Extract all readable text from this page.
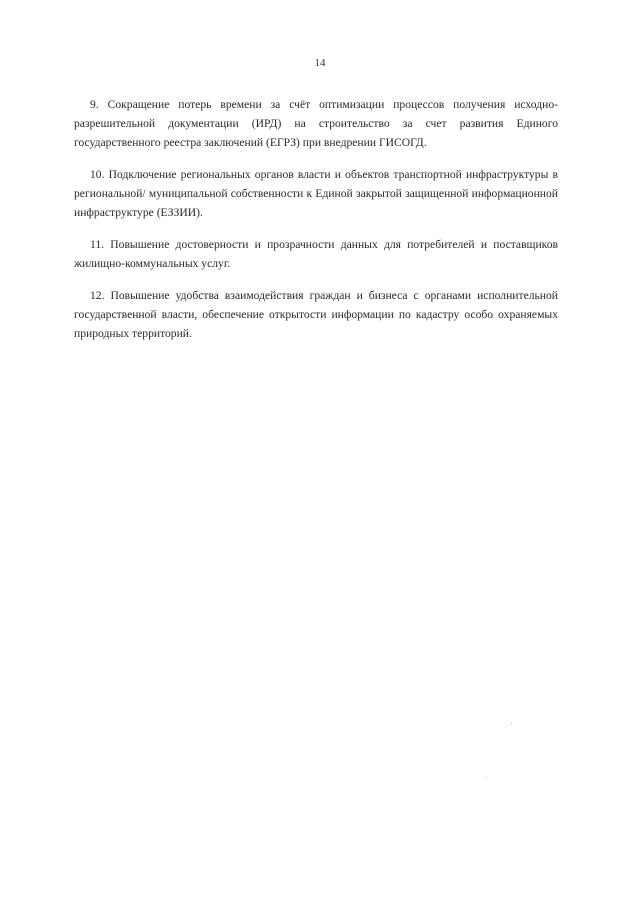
14

9. Сокращение потерь времени за счёт оптимизации процессов получения исходно-разрешительной документации (ИРД) на строительство за счет развития Единого государственного реестра заключений (ЕГРЗ) при внедрении ГИСОГД.

10. Подключение региональных органов власти и объектов транспортной инфраструктуры в региональной/ муниципальной собственности к Единой закрытой защищенной информационной инфраструктуре (ЕЗЗИИ).

11. Повышение достоверности и прозрачности данных для потребителей и поставщиков жилищно-коммунальных услуг.

12. Повышение удобства взаимодействия граждан и бизнеса с органами исполнительной государственной власти, обеспечение открытости информации по кадастру особо охраняемых природных территорий.
